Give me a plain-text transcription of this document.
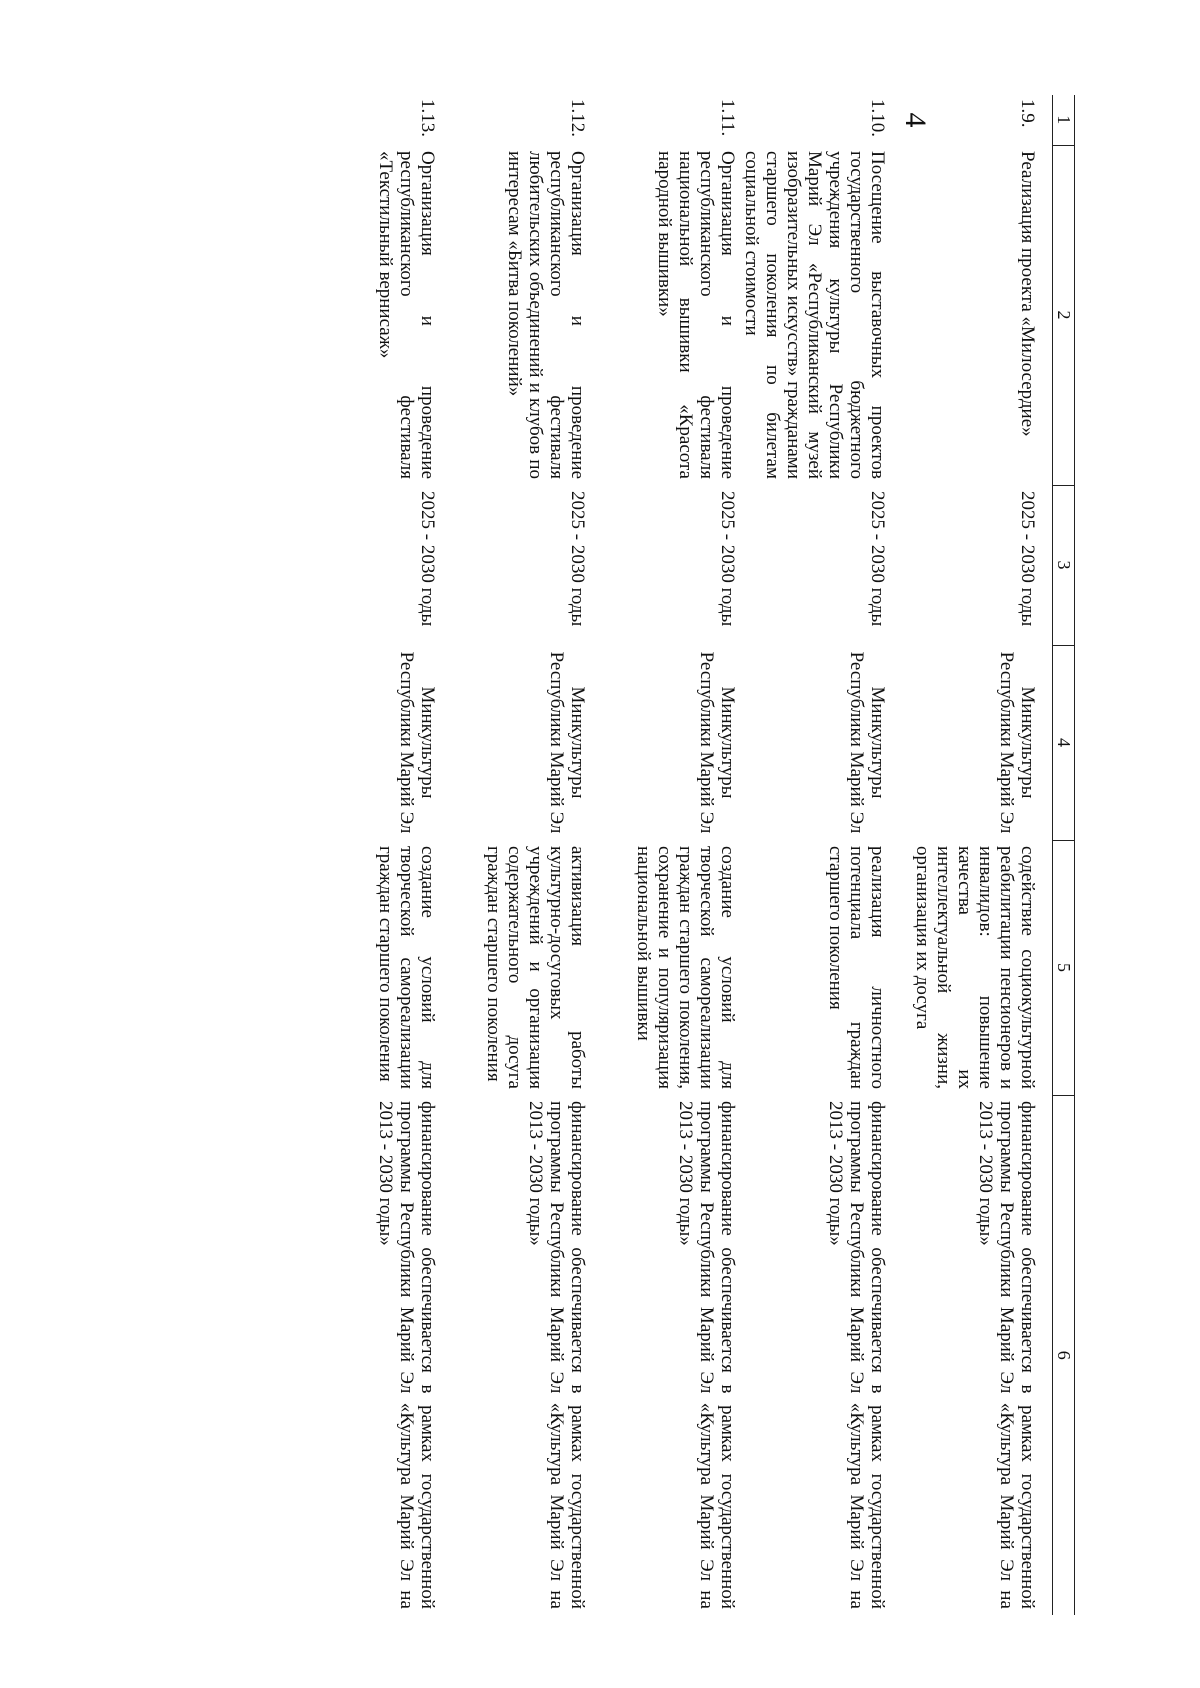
4	1	2	3	4	5	6

1.9.	Реализация проекта «Милосердие»	2025 - 2030 годы	Минкультуры Республики Марий Эл	содействие социокультурной реабилитации пенсионеров и инвалидов: повышение качества их интеллектуальной жизни, организация их досуга	финансирование обеспечивается в рамках государственной программы Республики Марий Эл «Культура Марий Эл на 2013 - 2030 годы»
1.10.	Посещение выставочных проектов государственного бюджетного учреждения культуры Республики Марий Эл «Республиканский музей изобразительных искусств» гражданами старшего поколения по билетам социальной стоимости	2025 - 2030 годы	Минкультуры Республики Марий Эл	реализация личностного потенциала граждан старшего поколения	финансирование обеспечивается в рамках государственной программы Республики Марий Эл «Культура Марий Эл на 2013 - 2030 годы»
1.11.	Организация и проведение республиканского фестиваля национальной вышивки «Красота народной вышивки»	2025 - 2030 годы	Минкультуры Республики Марий Эл	создание условий для творческой самореализации граждан старшего поколения, сохранение и популяризация национальной вышивки	финансирование обеспечивается в рамках государственной программы Республики Марий Эл «Культура Марий Эл на 2013 - 2030 годы»
1.12.	Организация и проведение республиканского фестиваля любительских объединений и клубов по интересам «Битва поколений»	2025 - 2030 годы	Минкультуры Республики Марий Эл	активизация работы культурно-досуговых учреждений и организация содержательного досуга граждан старшего поколения	финансирование обеспечивается в рамках государственной программы Республики Марий Эл «Культура Марий Эл на 2013 - 2030 годы»
1.13.	Организация и проведение республиканского фестиваля «Текстильный вернисаж»	2025 - 2030 годы	Минкультуры Республики Марий Эл	создание условий для творческой самореализации граждан старшего поколения	финансирование обеспечивается в рамках государственной программы Республики Марий Эл «Культура Марий Эл на 2013 - 2030 годы»
